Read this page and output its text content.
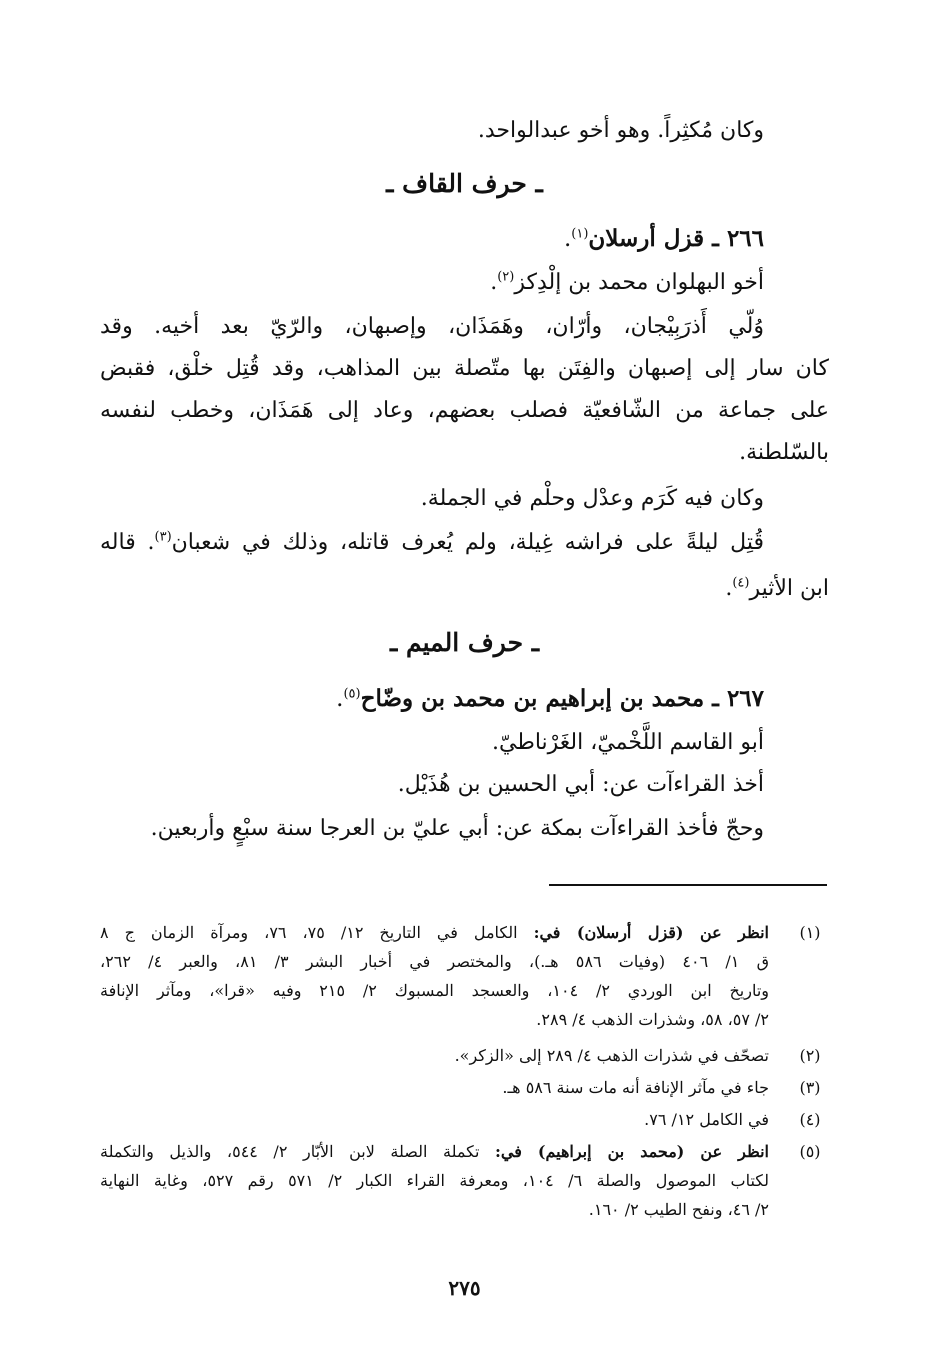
وكان مُكثِراً. وهو أخو عبدالواحد.
ـ حرف القاف ـ
٢٦٦ ـ قزل أرسلان$^{(١)}$.
أخو البهلوان محمد بن إلْدِكز$^{(٢)}$.
وُلّي أَذرَبِيْجان، وأرّان، وهَمَذَان، وإصبهان، والرّيّ بعد أخيه. وقد
كان سار إلى إصبهان والفِتَن بها متّصلة بين المذاهب، وقد قُتِل خلْق، فقبض
على جماعة من الشّافعيّة فصلب بعضهم، وعاد إلى هَمَذَان، وخطب لنفسه
بالسّلطنة.
وكان فيه كَرَم وعدْل وحلْم في الجملة.
قُتِل ليلةً على فراشه غِيلة، ولم يُعرف قاتله، وذلك في شعبان$^{(٣)}$. قاله
ابن الأثير$^{(٤)}$.
ـ حرف الميم ـ
٢٦٧ ـ محمد بن إبراهيم بن محمد بن وضّاح$^{(٥)}$.
أبو القاسم اللَّخْميّ، الغَرْناطيّ.
أخذ القراءآت عن: أبي الحسين بن هُذَيْل.
وحجّ فأخذ القراءآت بمكة عن: أبي عليّ بن العرجا سنة سبْعٍ وأربعين.
(١)
انظر عن (قزل أرسلان) في: الكامل في التاريخ ١٢/ ٧٥، ٧٦، ومرآة الزمان ج ٨
ق ١/ ٤٠٦ (وفيات ٥٨٦ هـ.)، والمختصر في أخبار البشر ٣/ ٨١، والعبر ٤/ ٢٦٢،
وتاريخ ابن الوردي ٢/ ١٠٤، والعسجد المسبوك ٢/ ٢١٥ وفيه «قرا»، ومآثر الإنافة
٢/ ٥٧، ٥٨، وشذرات الذهب ٤/ ٢٨٩.
(٢)
تصحّف في شذرات الذهب ٤/ ٢٨٩ إلى «الزكر».
(٣)
جاء في مآثر الإنافة أنه مات سنة ٥٨٦ هـ.
(٤)
في الكامل ١٢/ ٧٦.
(٥)
انظر عن (محمد بن إبراهيم) في: تكملة الصلة لابن الأبّار ٢/ ٥٤٤، والذيل والتكملة
لكتاب الموصول والصلة ٦/ ١٠٤، ومعرفة القراء الكبار ٢/ ٥٧١ رقم ٥٢٧، وغاية النهاية
٢/ ٤٦، ونفح الطيب ٢/ ١٦٠.
٢٧٥
